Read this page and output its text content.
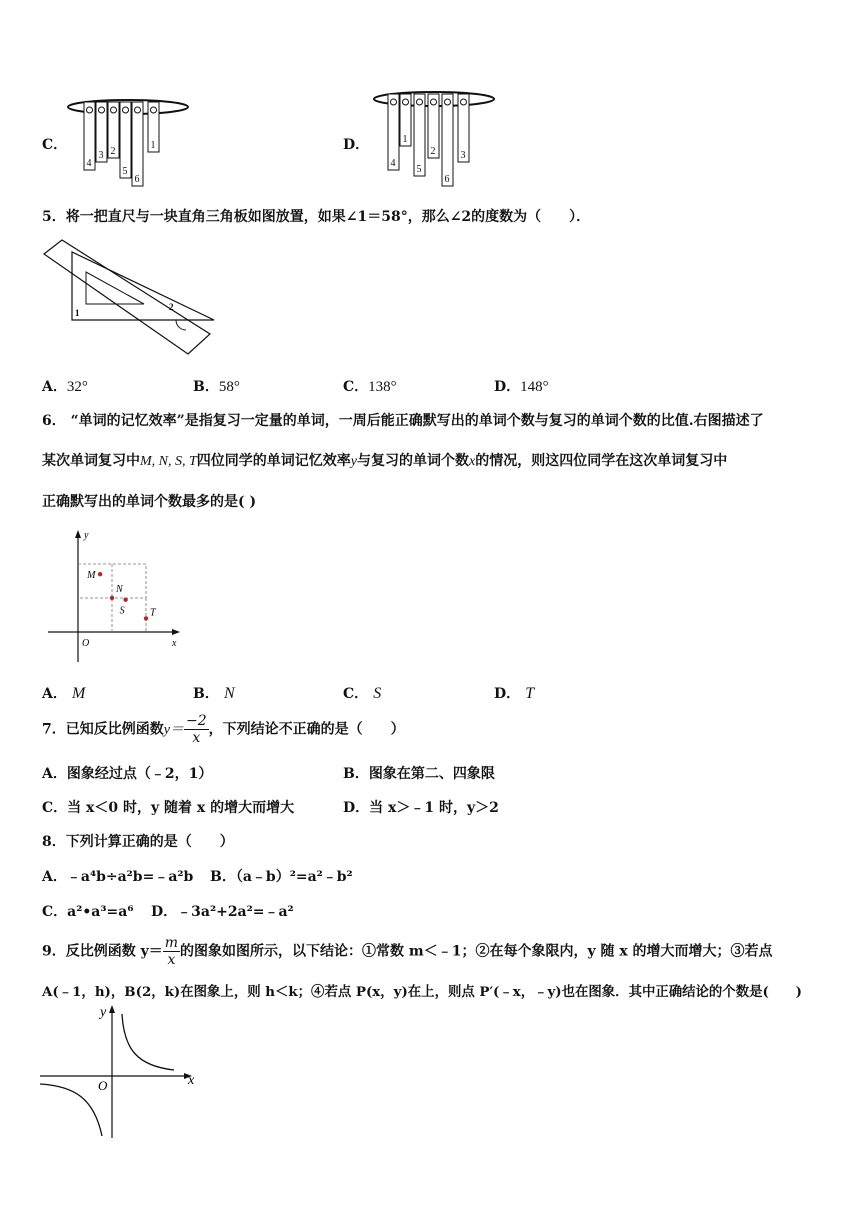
C．
4
3 2
5
6
1	D．
4
1
5
2
6
3
5．将一把直尺与一块直角三角板如图放置，如果∠1＝58°，那么∠2的度数为（　　）．
1
2
A．32°	B．58°	C．138°	D．148°
6． “单词的记忆效率”是指复习一定量的单词，一周后能正确默写出的单词个数与复习的单词个数的比值.右图描述了
某次单词复习中M, N, S, T四位同学的单词记忆效率y与复习的单词个数x的情况，则这四位同学在这次单词复习中
正确默写出的单词个数最多的是( )
y
x
O
M
N
S	T
A． M	B． N	C． S	D． T
7．已知反比例函数$y= \frac{-2}{x}$ ，下列结论不正确的是（　　）
A．图象经过点（﹣2，1）	B．图象在第二、四象限
C．当 x＜0 时，y 随着 x 的增大而增大	D．当 x＞﹣1 时，y＞2
8．下列计算正确的是（　　）
A．﹣a⁴b÷a²b=﹣a²b B．（a﹣b）²=a²﹣b²
C．a²•a³=a⁶ D．﹣3a²+2a²=﹣a²
9．反比例函数 $y= \frac{m}{x}$ 的图象如图所示，以下结论：①常数 m＜﹣1；②在每个象限内，y 随 x 的增大而增大；③若点
A(﹣1，h)，B(2，k)在图象上，则 h＜k；④若点 P(x，y)在上，则点 P′(﹣x，﹣y)也在图象．其中正确结论的个数是(　　)
y
x
O
